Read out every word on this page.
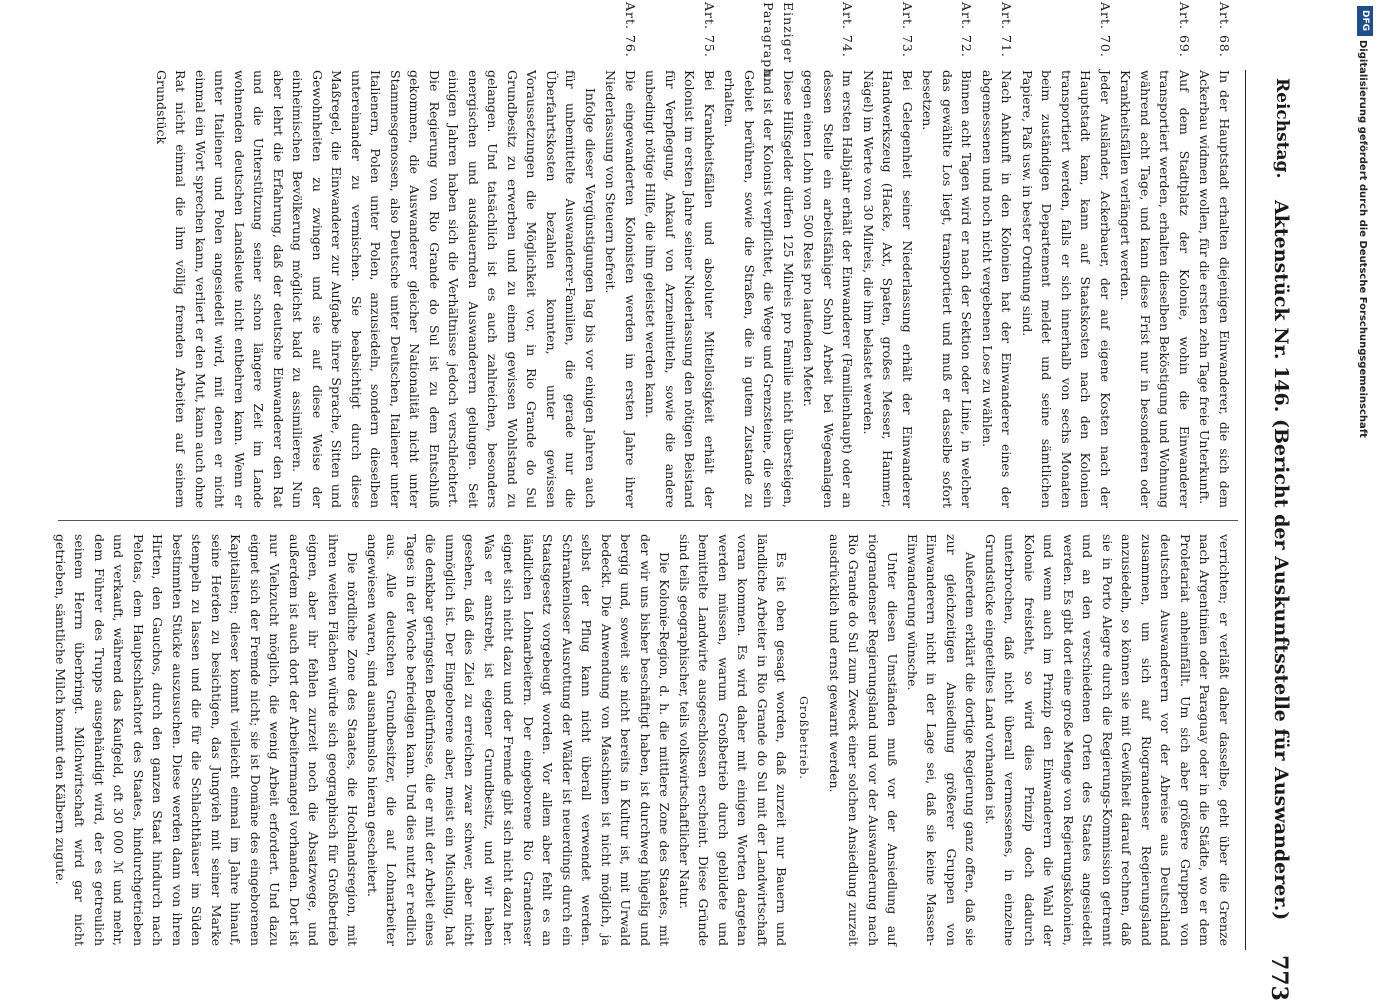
Reichstag.
Aktenstück Nr. 146. (Bericht der Auskunftsstelle für Auswanderer.)
773
Art. 68.
In der Hauptstadt erhalten diejenigen Einwanderer, die sich dem Ackerbau widmen wollen, für die ersten zehn Tage freie Unterkunft.
Art. 69.
Auf dem Stadtplatz der Kolonie, wohin die Einwanderer transportiert werden, erhalten dieselben Beköstigung und Wohnung während acht Tage, und kann diese Frist nur in besonderen oder Krankheitsfällen verlängert werden.
Art. 70.
Jeder Ausländer, Ackerbauer, der auf eigene Kosten nach der Hauptstadt kam, kann auf Staatskosten nach den Kolonien transportiert werden, falls er sich innerhalb von sechs Monaten beim zuständigen Departement meldet und seine sämtlichen Papiere, Paß usw. in bester Ordnung sind.
Art. 71.
Nach Ankunft in den Kolonien hat der Einwanderer eines der abgemessenen und noch nicht vergebenen Lose zu wählen.
Art. 72.
Binnen acht Tagen wird er nach der Sektion oder Linie, in welcher das gewählte Los liegt, transportiert und muß er dasselbe sofort besetzen.
Art. 73.
Bei Gelegenheit seiner Niederlassung erhält der Einwanderer Handwerkszeug (Hacke, Axt, Spaten, großes Messer, Hammer, Nägel) im Werte von 30 Milreis, die ihm belastet werden.
Art. 74.
Im ersten Halbjahr erhält der Einwanderer (Familienhaupt) oder an dessen Stelle ein arbeitsfähiger Sohn) Arbeit bei Wegeanlagen gegen einen Lohn von 500 Reis pro laufenden Meter.
Einziger Paragraph.
Diese Hilfsgelder dürfen 125 Milreis pro Familie nicht übersteigen, und ist der Kolonist verpflichtet, die Wege und Grenzsteine, die sein Gebiet berühren, sowie die Straßen, die in gutem Zustande zu erhalten.
Art. 75.
Bei Krankheitsfällen und absoluter Mittellosigkeit erhält der Kolonist im ersten Jahre seiner Niederlassung den nötigen Beistand für Verpflegung, Ankauf von Arzneimitteln, sowie die andere unbedingt nötige Hilfe, die ihm geleistet werden kann.
Art. 76.
Die eingewanderten Kolonisten werden im ersten Jahre ihrer Niederlassung von Steuern befreit.
Infolge dieser Vergünstigungen lag bis vor einigen Jahren auch für unbemittelte Auswanderer-Familien, die gerade nur die Überfahrtskosten bezahlen konnten, unter gewissen Voraussetzungen die Möglichkeit vor, in Rio Grande do Sul Grundbesitz zu erwerben und zu einem gewissen Wohlstand zu gelangen. Und tatsächlich ist es auch zahlreichen, besonders energischen und ausdauernden Auswanderern gelungen. Seit einigen Jahren haben sich die Verhältnisse jedoch verschlechtert. Die Regierung von Rio Grande do Sul ist zu dem Entschluß gekommen, die Auswanderer gleicher Nationalität nicht unter Stammesgenossen, also Deutsche unter Deutschen, Italiener unter Italienern, Polen unter Polen, anzusiedeln, sondern dieselben untereinander zu vermischen. Sie beabsichtigt durch diese Maßregel, die Einwanderer zur Aufgabe ihrer Sprache, Sitten und Gewohnheiten zu zwingen und sie auf diese Weise der einheimischen Bevölkerung möglichst bald zu assimilieren. Nun aber lehrt die Erfahrung, daß der deutsche Einwanderer den Rat und die Unterstützung seiner schon längere Zeit im Lande wohnenden deutschen Landsleute nicht entbehren kann. Wenn er unter Italiener und Polen angesiedelt wird, mit denen er nicht einmal ein Wort sprechen kann, verliert er den Mut, kann auch ohne Rat nicht einmal die ihm völlig fremden Arbeiten auf seinem Grundstück
verrichten; er verläßt daher dasselbe, geht über die Grenze nach Argentinien oder Paraguay oder in die Städte, wo er dem Proletariat anheimfällt. Um sich aber größere Gruppen von deutschen Auswanderern vor der Abreise aus Deutschland zusammen, um sich auf Riograndenser Regierungsland anzusiedeln, so können sie mit Gewißheit darauf rechnen, daß sie in Porto Alegre durch die Regierungs-Kommission getrennt und an den verschiedenen Orten des Staates angesiedelt werden. Es gibt dort eine große Menge von Regierungskolonien, und wenn auch im Prinzip den Einwanderern die Wahl der Kolonie freisteht, so wird dies Prinzip doch dadurch unterbrochen, daß nicht überall vermessenes, in einzelne Grundstücke eingeteiltes Land vorhanden ist.
Außerdem erklärt die dortige Regierung ganz offen, daß sie zur gleichzeitigen Ansiedlung größerer Gruppen von Einwanderern nicht in der Lage sei, daß sie keine Massen-Einwanderung wünsche.
Unter diesen Umständen muß vor der Ansiedlung auf riograndenser Regierungsland und vor der Auswanderung nach Rio Grande do Sul zum Zweck einer solchen Ansiedlung zurzeit ausdrücklich und ernst gewarnt werden.
Großbetrieb.
Es ist oben gesagt worden, daß zurzeit nur Bauern und ländliche Arbeiter in Rio Grande do Sul mit der Landwirtschaft voran kommen. Es wird daher mit einigen Worten dargetan werden müssen, warum Großbetrieb durch gebildete und bemittelte Landwirte ausgeschlossen erscheint. Diese Gründe sind teils geographischer, teils volkswirtschaftlicher Natur.
Die Kolonie-Region, d. h. die mittlere Zone des Staates, mit der wir uns bisher beschäftigt haben, ist durchweg hügelig und bergig und, soweit sie nicht bereits in Kultur ist, mit Urwald bedeckt. Die Anwendung von Maschinen ist nicht möglich, ja selbst der Pflug kann nicht überall verwendet werden. Schrankenloser Ausrottung der Wälder ist neuerdings durch ein Staatsgesetz vorgebeugt worden. Vor allem aber fehlt es an ländlichen Lohnarbeitern. Der eingeborene Rio Grandenser eignet sich nicht dazu und der Fremde gibt sich nicht dazu her. Was er anstrebt, ist eigener Grundbesitz, und wir haben gesehen, daß dies Ziel zu erreichen zwar schwer, aber nicht unmöglich ist. Der Eingeborene aber, meist ein Mischling, hat die denkbar geringsten Bedürfnisse, die er mit der Arbeit eines Tages in der Woche befriedigen kann. Und dies nutzt er redlich aus. Alle deutschen Grundbesitzer, die auf Lohnarbeiter angewiesen waren, sind ausnahmslos hieran gescheitert.
Die nördliche Zone des Staates, die Hochlandsregion, mit ihren weiten Flächen würde sich geographisch für Großbetrieb eignen, aber ihr fehlen zurzeit noch die Absatzwege, und außerdem ist auch dort der Arbeitermangel vorhanden. Dort ist nur Viehzucht möglich, die wenig Arbeit erfordert. Und dazu eignet sich der Fremde nicht; sie ist Domäne des eingeborenen Kapitalisten; dieser kommt vielleicht einmal im Jahre hinauf, seine Herden zu besichtigen, das Jungvieh mit seiner Marke stempeln zu lassen und die für die Schlachthäuser im Süden bestimmten Stücke auszusuchen. Diese werden dann von ihren Hirten, den Gauchos, durch den ganzen Staat hindurch nach Pelotas, dem Hauptschlachtort des Staates, hindurchgetrieben und verkauft, während das Kaufgeld, oft 30 000 ℳ und mehr, dem Führer des Trupps ausgehändigt wird, der es getreulich seinem Herrn überbringt. Milchwirtschaft wird gar nicht getrieben, sämtliche Milch kommt den Kälbern zugute.
DFG
Digitalisierung gefördert durch die Deutsche Forschungsgemeinschaft
